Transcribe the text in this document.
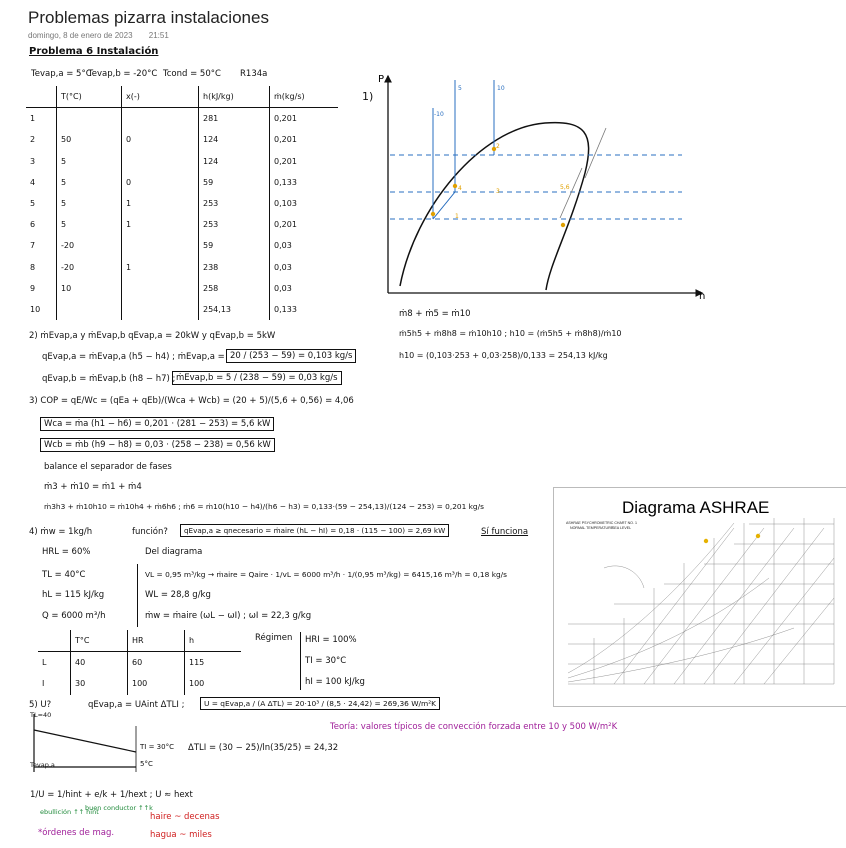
Problemas pizarra instalaciones
domingo, 8 de enero de 2023 21:51
Problema 6 Instalación
Tevap,a = 5°C
Tevap,b = -20°C Tcond = 50°C R134a
	T(°C)	x(-)	h(kJ/kg)	ṁ(kg/s)
1			281	0,201
2	50	0	124	0,201
3	5		124	0,201
4	5	0	59	0,133
5	5	1	253	0,103
6	5	1	253	0,201
7	-20		59	0,03
8	-20	1	238	0,03
9	10		258	0,03
10			254,13	0,133
1)
P
h
5	10
-10
2
3
4	5,6
1
ṁ8 + ṁ5 = ṁ10
ṁ5h5 + ṁ8h8 = ṁ10h10 ; h10 = (ṁ5h5 + ṁ8h8)/ṁ10
h10 = (0,103·253 + 0,03·258)/0,133 = 254,13 kJ/kg
2) ṁEvap,a y ṁEvap,b qEvap,a = 20kW y qEvap,b = 5kW
qEvap,a = ṁEvap,a (h5 − h4) ; ṁEvap,a = 20 / (253 − 59) = 0,103 kg/s
qEvap,b = ṁEvap,b (h8 − h7) ; ṁEvap,b = 5 / (238 − 59) = 0,03 kg/s
3) COP = qE/Wc = (qEa + qEb)/(Wca + Wcb) = (20 + 5)/(5,6 + 0,56) = 4,06
Wca = ṁa (h1 − h6) = 0,201 · (281 − 253) = 5,6 kW
Wcb = ṁb (h9 − h8) = 0,03 · (258 − 238) = 0,56 kW
balance el separador de fases
ṁ3 + ṁ10 = ṁ1 + ṁ4
ṁ3h3 + ṁ10h10 = ṁ10h4 + ṁ6h6 ; ṁ6 = ṁ10(h10 − h4)/(h6 − h3) = 0,133·(59 − 254,13)/(124 − 253) = 0,201 kg/s
4) ṁw = 1kg/h	función?	qEvap,a ≥ qnecesario = ṁaire (hL − hI) = 0,18 · (115 − 100) = 2,69 kW	Sí funciona
HRL = 60%	Del diagrama
TL = 40°C	VL = 0,95 m³/kg → ṁaire = Qaire · 1/vL = 6000 m³/h · 1/(0,95 m³/kg) = 6415,16 m³/h = 0,18 kg/s
hL = 115 kJ/kg	WL = 28,8 g/kg
Q = 6000 m³/h	ṁw = ṁaire (ωL − ωI) ; ωI = 22,3 g/kg
	T°C	HR	h
L	40	60	115
I	30	100	100
Régimen HRI = 100%
TI = 30°C
hI = 100 kJ/kg
5) U?	qEvap,a = UAint ΔTLI ;	U = qEvap,a / (A ΔTL) = 20·10³ / (8,5 · 24,42) = 269,36 W/m²K
Teoría: valores típicos de convección forzada entre 10 y 500 W/m²K
TL=40
TI = 30°C
Tevap,a	5°C
ΔTLI = (30 − 25)/ln(35/25) = 24,32
1/U = 1/hint + e/k + 1/hext ; U ≈ hext
ebullición ↑↑ hint
buen conductor ↑↑k
haire ~ decenas
*órdenes de mag.	hagua ~ miles
Diagrama ASHRAE
ASHRAE PSYCHROMETRIC CHART NO. 1
NORMAL TEMPERATURE
SEA LEVEL
